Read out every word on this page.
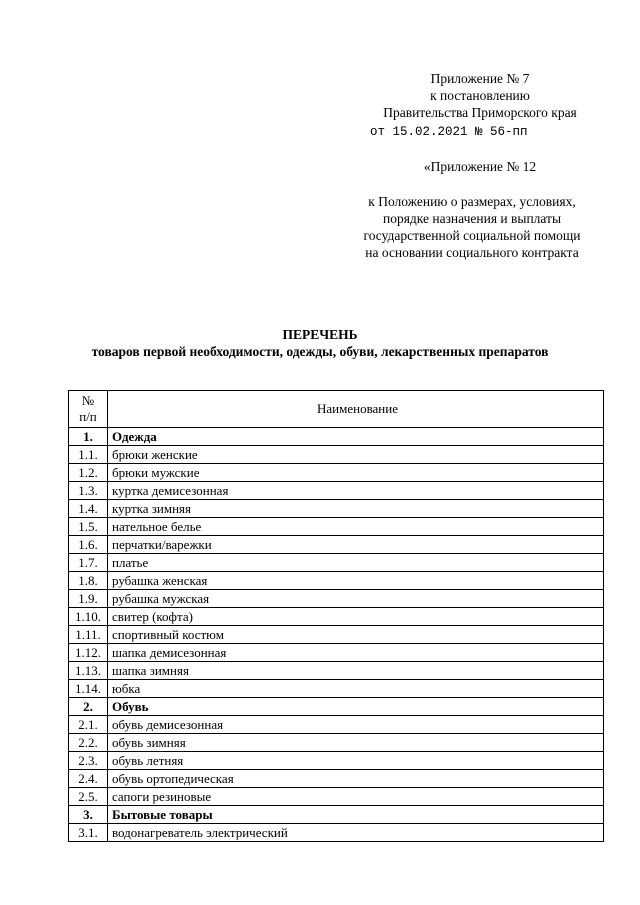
Приложение № 7
к постановлению
Правительства Приморского края
от 15.02.2021 № 56-пп
«Приложение № 12
к Положению о размерах, условиях,
порядке назначения и выплаты
государственной социальной помощи
на основании социального контракта
ПЕРЕЧЕНЬ
товаров первой необходимости, одежды, обуви, лекарственных препаратов
№
п/п	Наименование
1.	Одежда
1.1.	брюки женские
1.2.	брюки мужские
1.3.	куртка демисезонная
1.4.	куртка зимняя
1.5.	нательное белье
1.6.	перчатки/варежки
1.7.	платье
1.8.	рубашка женская
1.9.	рубашка мужская
1.10.	свитер (кофта)
1.11.	спортивный костюм
1.12.	шапка демисезонная
1.13.	шапка зимняя
1.14.	юбка
2.	Обувь
2.1.	обувь демисезонная
2.2.	обувь зимняя
2.3.	обувь летняя
2.4.	обувь ортопедическая
2.5.	сапоги резиновые
3.	Бытовые товары
3.1.	водонагреватель электрический
